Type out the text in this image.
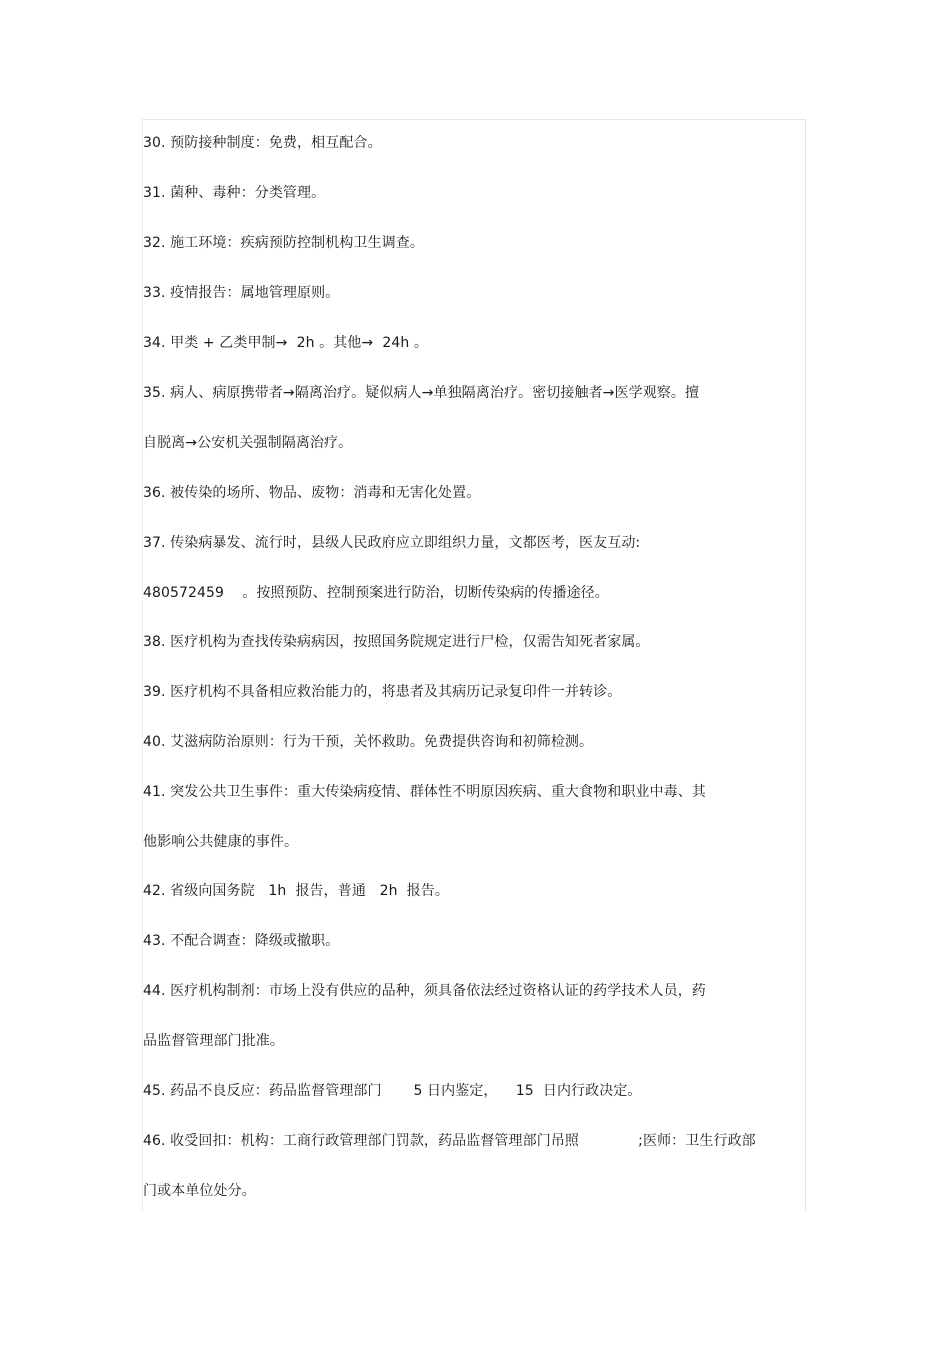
30. 预防接种制度：免费，相互配合。
31. 菌种、毒种：分类管理。
32. 施工环境：疾病预防控制机构卫生调查。
33. 疫情报告：属地管理原则。
34. 甲类 + 乙类甲制→  2h 。其他→  24h 。
35. 病人、病原携带者→隔离治疗。疑似病人→单独隔离治疗。密切接触者→医学观察。擅
自脱离→公安机关强制隔离治疗。
36. 被传染的场所、物品、废物：消毒和无害化处置。
37. 传染病暴发、流行时，县级人民政府应立即组织力量，文都医考，医友互动:
480572459    。按照预防、控制预案进行防治，切断传染病的传播途径。
38. 医疗机构为查找传染病病因，按照国务院规定进行尸检，仅需告知死者家属。
39. 医疗机构不具备相应救治能力的，将患者及其病历记录复印件一并转诊。
40. 艾滋病防治原则：行为干预，关怀救助。免费提供咨询和初筛检测。
41. 突发公共卫生事件：重大传染病疫情、群体性不明原因疾病、重大食物和职业中毒、其
他影响公共健康的事件。
42. 省级向国务院   1h  报告，普通   2h  报告。
43. 不配合调查：降级或撤职。
44. 医疗机构制剂：市场上没有供应的品种，须具备依法经过资格认证的药学技术人员，药
品监督管理部门批准。
45. 药品不良反应：药品监督管理部门       5 日内鉴定，    15  日内行政决定。
46. 收受回扣：机构：工商行政管理部门罚款，药品监督管理部门吊照             ;医师：卫生行政部
门或本单位处分。
